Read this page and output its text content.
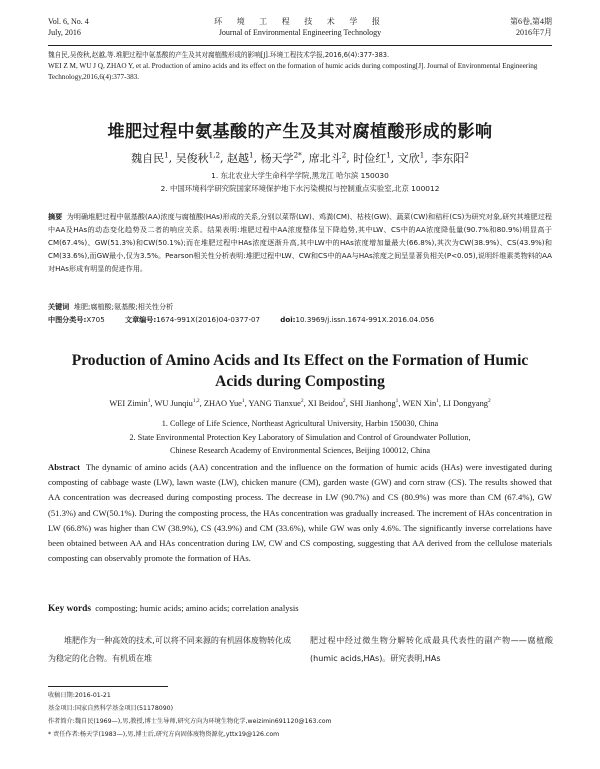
Vol. 6, No. 4
July, 2016
环 境 工 程 技 术 学 报
Journal of Environmental Engineering Technology
第6卷,第4期
2016年7月
魏自民,吴俊秋,赵越,等.堆肥过程中氨基酸的产生及其对腐植酸形成的影响[J].环境工程技术学报,2016,6(4):377-383.
WEI Z M, WU J Q, ZHAO Y, et al. Production of amino acids and its effect on the formation of humic acids during composting[J]. Journal of Environmental Engineering Technology,2016,6(4):377-383.
堆肥过程中氨基酸的产生及其对腐植酸形成的影响
魏自民$^1$, 吴俊秋$^{1,2}$, 赵越$^1$, 杨天学$^{2*}$, 席北斗$^2$, 时俭红$^1$, 文欣$^1$, 李东阳$^2$
1. 东北农业大学生命科学学院,黑龙江 哈尔滨 150030
2. 中国环境科学研究院国家环境保护地下水污染模拟与控制重点实验室,北京 100012
摘要 为明确堆肥过程中氨基酸(AA)浓度与腐植酸(HAs)形成的关系,分别以菜帮(LW)、鸡粪(CM)、枯枝(GW)、蔬菜(CW)和秸秆(CS)为研究对象,研究其堆肥过程中AA及HAs的动态变化趋势及二者的响应关系。结果表明:堆肥过程中AA浓度整体呈下降趋势,其中LW、CS中的AA浓度降低量(90.7%和80.9%)明显高于CM(67.4%)、GW(51.3%)和CW(50.1%);而在堆肥过程中HAs浓度逐渐升高,其中LW中的HAs浓度增加量最大(66.8%),其次为CW(38.9%)、CS(43.9%)和CM(33.6%),而GW最小,仅为3.5%。Pearson相关性分析表明:堆肥过程中LW、CW和CS中的AA与HAs浓度之间呈显著负相关(P<0.05),说明纤维素类物料的AA对HAs形成有明显的促进作用。
关键词 堆肥;腐植酸;氨基酸;相关性分析
中图分类号:X705	文章编号:1674-991X(2016)04-0377-07	doi:10.3969/j.issn.1674-991X.2016.04.056
Production of Amino Acids and Its Effect on the Formation of Humic Acids during Composting
WEI Zimin$^1$, WU Junqiu$^{1,2}$, ZHAO Yue$^1$, YANG Tianxue$^2$, XI Beidou$^2$, SHI Jianhong$^1$, WEN Xin$^1$, LI Dongyang$^2$
1. College of Life Science, Northeast Agricultural University, Harbin 150030, China
2. State Environmental Protection Key Laboratory of Simulation and Control of Groundwater Pollution,
Chinese Research Academy of Environmental Sciences, Beijing 100012, China
Abstract The dynamic of amino acids (AA) concentration and the influence on the formation of humic acids (HAs) were investigated during composting of cabbage waste (LW), lawn waste (LW), chicken manure (CM), garden waste (GW) and corn straw (CS). The results showed that AA concentration was decreased during composting process. The decrease in LW (90.7%) and CS (80.9%) was more than CM (67.4%), GW (51.3%) and CW(50.1%). During the composting process, the HAs concentration was gradually increased. The increment of HAs concentration in LW (66.8%) was higher than CW (38.9%), CS (43.9%) and CM (33.6%), while GW was only 4.6%. The significantly inverse correlations have been obtained between AA and HAs concentration during LW, CW and CS composting, suggesting that AA derived from the cellulose materials composting can observably promote the formation of HAs.
Key words composting; humic acids; amino acids; correlation analysis
堆肥作为一种高效的技术,可以将不同来源的有机固体废物转化成为稳定的化合物。有机质在堆
肥过程中经过微生物分解转化成最具代表性的副产物——腐植酸(humic acids,HAs)。研究表明,HAs
收稿日期:2016-01-21
基金项目:国家自然科学基金项目(51178090)
作者简介:魏自民(1969—),男,教授,博士生导师,研究方向为环境生物化学,weizimin691120@163.com
* 责任作者:杨天学(1983—),男,博士后,研究方向固体废物资源化,yttx19@126.com
